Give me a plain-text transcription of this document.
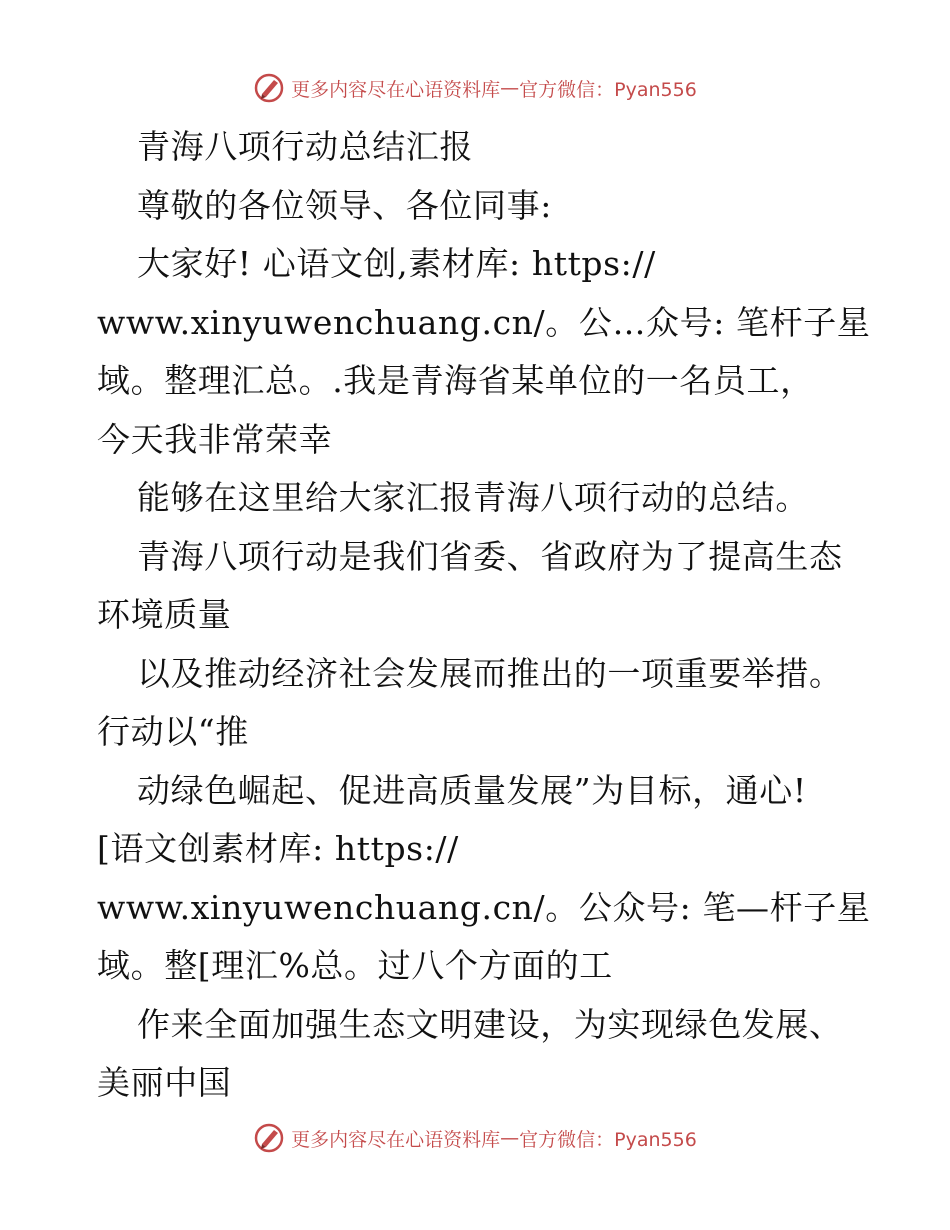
更多内容尽在心语资料库 — 官方微信：Pyan556
青海八项行动总结汇报
尊敬的各位领导、各位同事:
大家好! 心语文创,素材库: https://
www.xinyuwenchuang.cn/。公…众号: 笔杆子星
域。整理汇总。.我是青海省某单位的一名员工，
今天我非常荣幸
能够在这里给大家汇报青海八项行动的总结。
青海八项行动是我们省委、省政府为了提高生态
环境质量
以及推动经济社会发展而推出的一项重要举措。
行动以“推
动绿色崛起、促进高质量发展”为目标，通心!
[语文创素材库: https://
www.xinyuwenchuang.cn/。公众号: 笔—杆子星
域。整[理汇%总。过八个方面的工
作来全面加强生态文明建设，为实现绿色发展、
美丽中国
更多内容尽在心语资料库 — 官方微信：Pyan556
